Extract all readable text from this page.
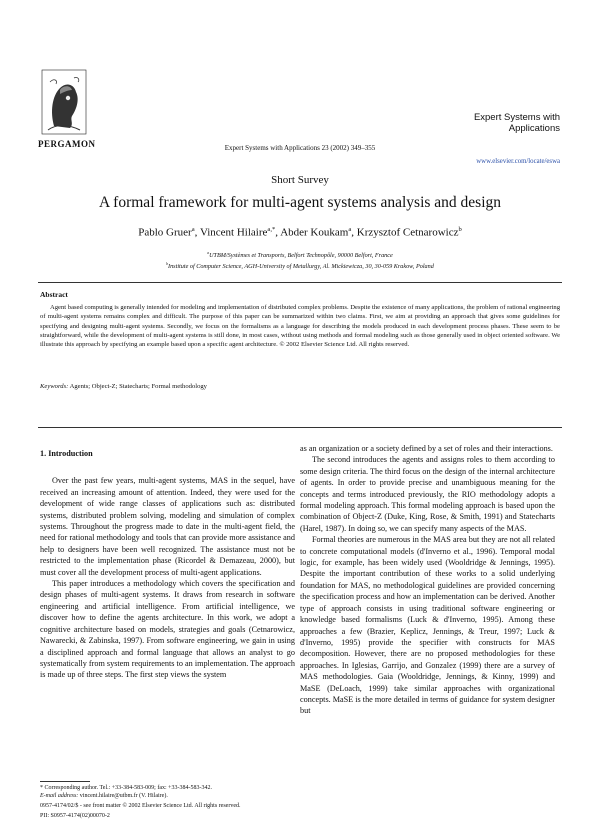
PERGAMON	Expert Systems with Applications 23 (2002) 349–355
Expert Systems with Applications
www.elsevier.com/locate/eswa
Short Survey
A formal framework for multi-agent systems analysis and design
Pablo Gruer$^a$, Vincent Hilaire$^{a,*}$, Abder Koukam$^a$, Krzysztof Cetnarowicz$^b$
$^a$UTBM/Systèmes et Transports, Belfort Technopôle, 90000 Belfort, France
$^b$Institute of Computer Science, AGH-University of Metallurgy, Al. Mickiewicza, 30, 30-059 Krakow, Poland
Abstract
Agent based computing is generally intended for modeling and implementation of distributed complex problems. Despite the existence of many applications, the problem of rational engineering of multi-agent systems remains complex and difficult. The purpose of this paper can be summarized within two claims. First, we aim at providing an approach that gives some guidelines for specifying and designing multi-agent systems. Secondly, we focus on the formalisms as a language for describing the models produced in each development process phases. These seem to be straightforward, while the development of multi-agent systems is still done, in most cases, without using methods and formal modeling such as those generally used in object oriented software. We illustrate this approach by specifying an example based upon a specific agent architecture. © 2002 Elsevier Science Ltd. All rights reserved.
Keywords: Agents; Object-Z; Statecharts; Formal methodology
1. Introduction

Over the past few years, multi-agent systems, MAS in the sequel, have received an increasing amount of attention. Indeed, they were used for the development of wide range classes of applications such as: distributed systems, distributed problem solving, modeling and simulation of complex systems. Throughout the progress made to date in the multi-agent field, the need for rational methodology and tools that can provide more assistance and help to designers have been well recognized. The assistance must not be restricted to the implementation phase (Ricordel & Demazeau, 2000), but must cover all the development process of multi-agent applications.

This paper introduces a methodology which covers the specification and design phases of multi-agent systems. It draws from research in software engineering and artificial intelligence. From artificial intelligence, we discover how to define the agents architecture. In this work, we adopt a cognitive architecture based on models, strategies and goals (Cetnarowicz, Nawarecki, & Zabinska, 1997). From software engineering, we gain in using a disciplined approach and formal language that allows an analyst to go systematically from system requirements to an implementation. The approach is made up of three steps. The first step views the system

as an organization or a society defined by a set of roles and their interactions.

The second introduces the agents and assigns roles to them according to some design criteria. The third focus on the design of the internal architecture of agents. In order to provide precise and unambiguous meaning for the concepts and terms introduced previously, the RIO methodology adopts a formal modeling approach. This formal modeling approach is based upon the combination of Object-Z (Duke, King, Rose, & Smith, 1991) and Statecharts (Harel, 1987). In doing so, we can specify many aspects of the MAS.

Formal theories are numerous in the MAS area but they are not all related to concrete computational models (d'Inverno et al., 1996). Temporal modal logic, for example, has been widely used (Wooldridge & Jennings, 1995). Despite the important contribution of these works to a solid underlying foundation for MAS, no methodological guidelines are provided concerning the specification process and how an implementation can be derived. Another type of approach consists in using traditional software engineering or knowledge based formalisms (Luck & d'Inverno, 1995). Among these approaches a few (Brazier, Keplicz, Jennings, & Treur, 1997; Luck & d'Inverno, 1995) provide the specifier with constructs for MAS decomposition. However, there are no proposed methodologies for these approaches. In Iglesias, Garrijo, and Gonzalez (1999) there are a survey of MAS methodologies. Gaia (Wooldridge, Jennings, & Kinny, 1999) and MaSE (DeLoach, 1999) take similar approaches with organizational concepts. MaSE is the more detailed in terms of guidance for system designer but

* Corresponding author. Tel.: +33-384-583-009; fax: +33-384-583-342.
E-mail address: vincent.hilaire@utbm.fr (V. Hilaire).
0957-4174/02/$ - see front matter © 2002 Elsevier Science Ltd. All rights reserved.
PII: S0957-4174(02)00070-2
